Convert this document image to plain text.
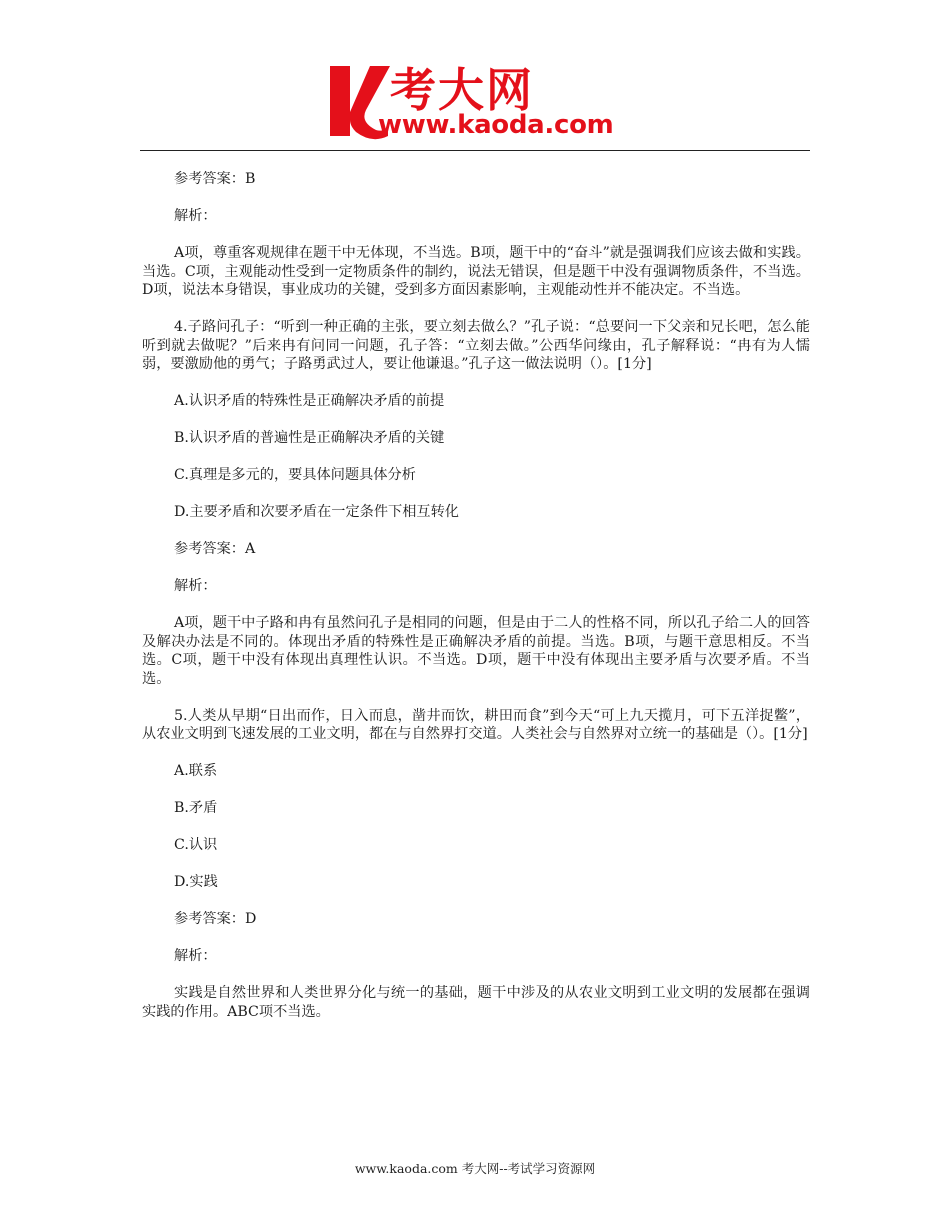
考大网
www.kaoda.com

参考答案：B

解析：

A项，尊重客观规律在题干中无体现，不当选。B项，题干中的“奋斗”就是强调我们应该去做和实践。当选。C项，主观能动性受到一定物质条件的制约，说法无错误，但是题干中没有强调物质条件，不当选。D项，说法本身错误，事业成功的关键，受到多方面因素影响，主观能动性并不能决定。不当选。

4.子路问孔子：“听到一种正确的主张，要立刻去做么？”孔子说：“总要问一下父亲和兄长吧，怎么能听到就去做呢？”后来冉有问同一问题，孔子答：“立刻去做。”公西华问缘由，孔子解释说：“冉有为人懦弱，要激励他的勇气；子路勇武过人，要让他谦退。”孔子这一做法说明（）。[1分]

A.认识矛盾的特殊性是正确解决矛盾的前提

B.认识矛盾的普遍性是正确解决矛盾的关键

C.真理是多元的，要具体问题具体分析

D.主要矛盾和次要矛盾在一定条件下相互转化

参考答案：A

解析：

A项，题干中子路和冉有虽然问孔子是相同的问题，但是由于二人的性格不同，所以孔子给二人的回答及解决办法是不同的。体现出矛盾的特殊性是正确解决矛盾的前提。当选。B项，与题干意思相反。不当选。C项，题干中没有体现出真理性认识。不当选。D项，题干中没有体现出主要矛盾与次要矛盾。不当选。

5.人类从早期“日出而作，日入而息，凿井而饮，耕田而食”到今天“可上九天揽月，可下五洋捉鳖”，从农业文明到飞速发展的工业文明，都在与自然界打交道。人类社会与自然界对立统一的基础是（）。[1分]

A.联系

B.矛盾

C.认识

D.实践

参考答案：D

解析：

实践是自然世界和人类世界分化与统一的基础，题干中涉及的从农业文明到工业文明的发展都在强调实践的作用。ABC项不当选。

www.kaoda.com 考大网--考试学习资源网
